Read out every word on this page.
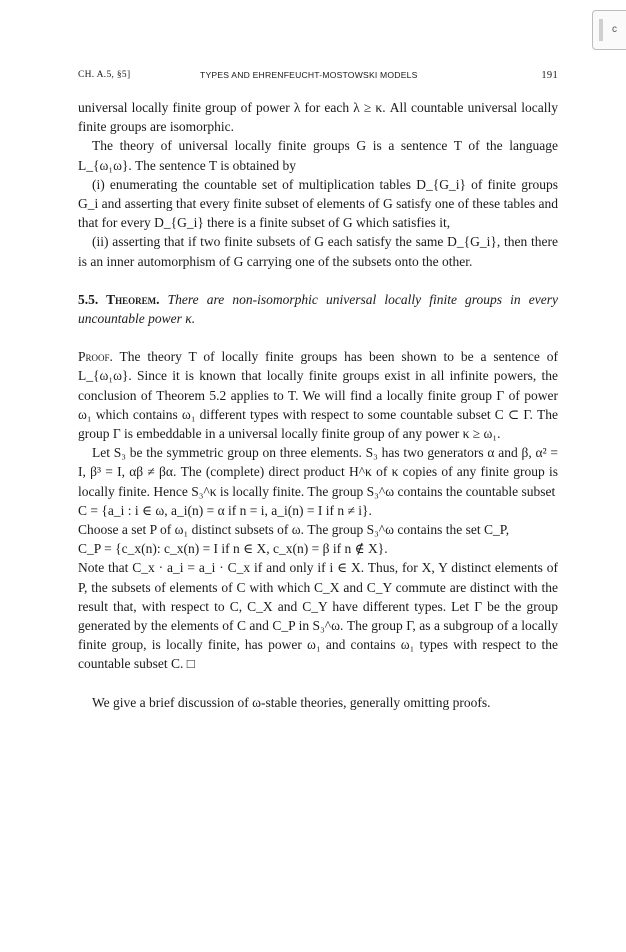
c
CH. A.5, §5]	TYPES AND EHRENFEUCHT-MOSTOWSKI MODELS	191

universal locally finite group of power λ for each λ ≥ κ. All countable universal locally finite groups are isomorphic.

The theory of universal locally finite groups G is a sentence T of the language L_{ω₁ω}. The sentence T is obtained by

(i) enumerating the countable set of multiplication tables D_{G_i} of finite groups G_i and asserting that every finite subset of elements of G satisfy one of these tables and that for every D_{G_i} there is a finite subset of G which satisfies it,

(ii) asserting that if two finite subsets of G each satisfy the same D_{G_i}, then there is an inner automorphism of G carrying one of the subsets onto the other.

5.5. Theorem. There are non-isomorphic universal locally finite groups in every uncountable power κ.

Proof. The theory T of locally finite groups has been shown to be a sentence of L_{ω₁ω}. Since it is known that locally finite groups exist in all infinite powers, the conclusion of Theorem 5.2 applies to T. We will find a locally finite group Γ of power ω₁ which contains ω₁ different types with respect to some countable subset C ⊂ Γ. The group Γ is embeddable in a universal locally finite group of any power κ ≥ ω₁.

Let S₃ be the symmetric group on three elements. S₃ has two generators α and β, α² = I, β³ = I, αβ ≠ βα. The (complete) direct product H^κ of κ copies of any finite group is locally finite. Hence S₃^κ is locally finite. The group S₃^ω contains the countable subset

C = {a_i : i ∈ ω, a_i(n) = α if n = i, a_i(n) = I if n ≠ i}.

Choose a set P of ω₁ distinct subsets of ω. The group S₃^ω contains the set C_P,

C_P = {c_x(n): c_x(n) = I if n ∈ X, c_x(n) = β if n ∉ X}.

Note that C_x · a_i = a_i · C_x if and only if i ∈ X. Thus, for X, Y distinct elements of P, the subsets of elements of C with which C_X and C_Y commute are distinct with the result that, with respect to C, C_X and C_Y have different types. Let Γ be the group generated by the elements of C and C_P in S₃^ω. The group Γ, as a subgroup of a locally finite group, is locally finite, has power ω₁ and contains ω₁ types with respect to the countable subset C. □

We give a brief discussion of ω-stable theories, generally omitting proofs.
